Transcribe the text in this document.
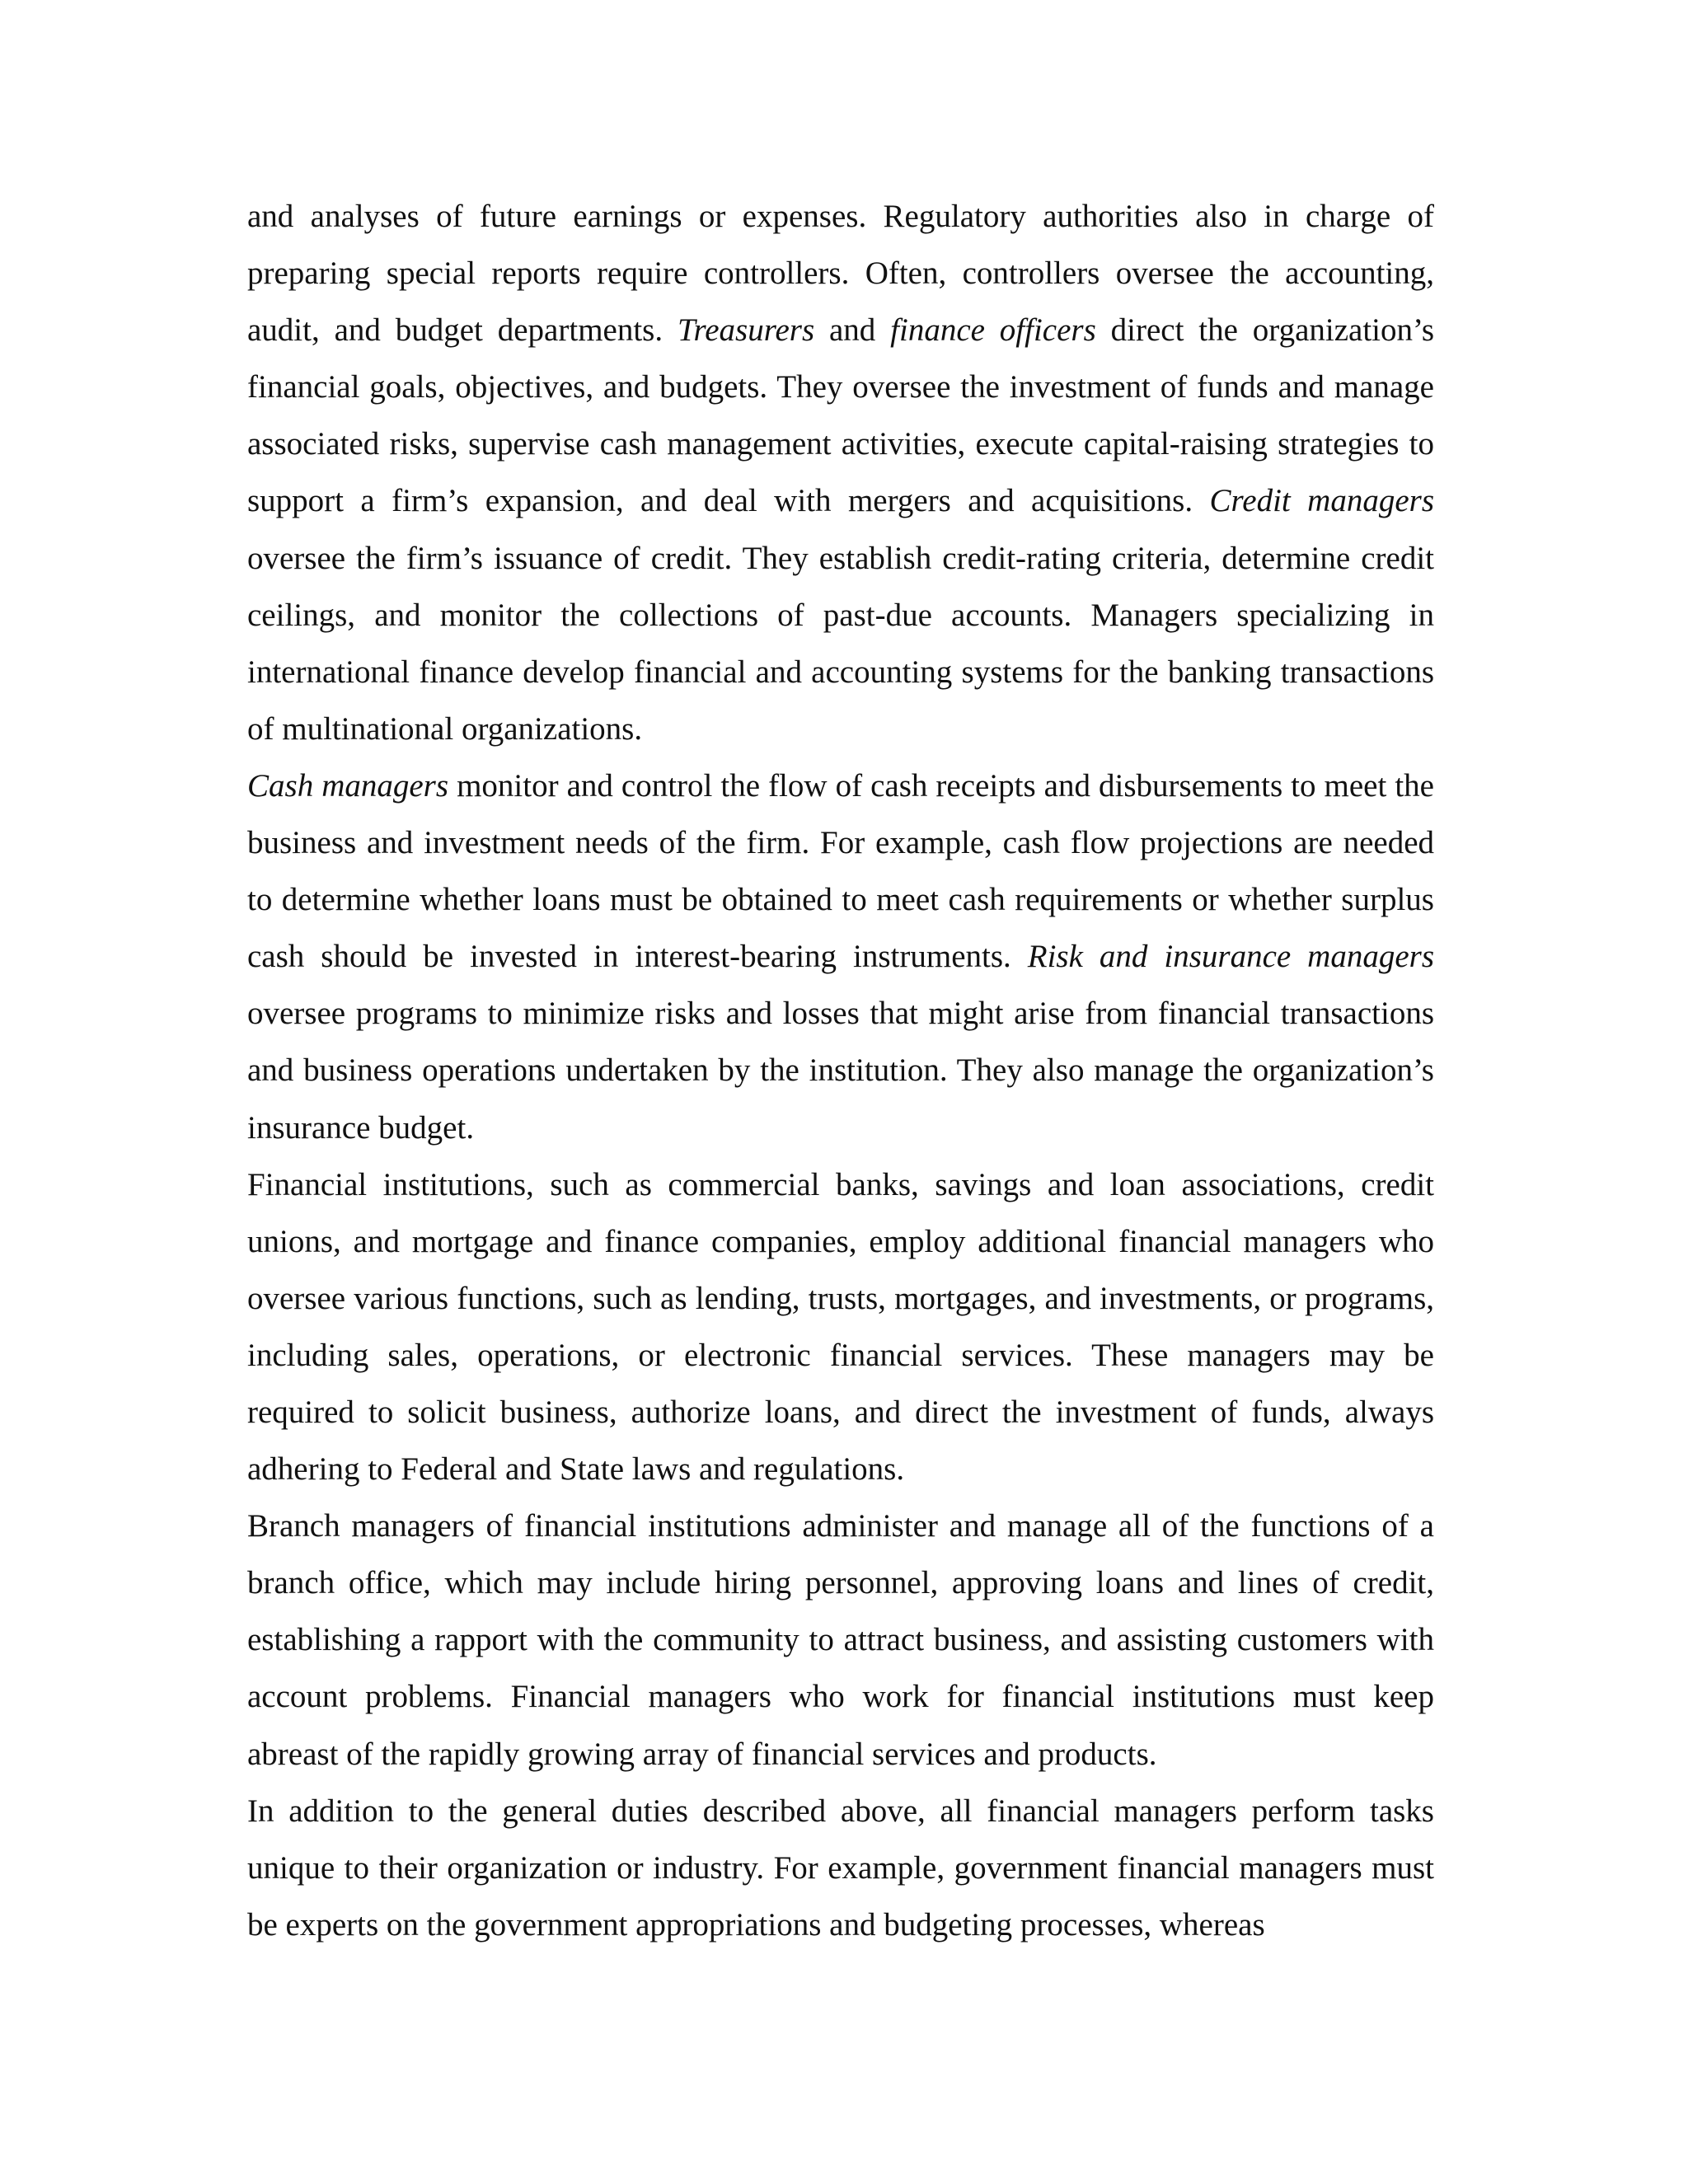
and analyses of future earnings or expenses. Regulatory authorities also in charge of preparing special reports require controllers. Often, controllers oversee the accounting, audit, and budget departments. Treasurers and finance officers direct the organization’s financial goals, objectives, and budgets. They oversee the investment of funds and manage associated risks, supervise cash management activities, execute capital-raising strategies to support a firm’s expansion, and deal with mergers and acquisitions. Credit managers oversee the firm’s issuance of credit. They establish credit-rating criteria, determine credit ceilings, and monitor the collections of past-due accounts. Managers specializing in international finance develop financial and accounting systems for the banking transactions of multinational organizations.

Cash managers monitor and control the flow of cash receipts and disbursements to meet the business and investment needs of the firm. For example, cash flow projections are needed to determine whether loans must be obtained to meet cash requirements or whether surplus cash should be invested in interest-bearing instruments. Risk and insurance managers oversee programs to minimize risks and losses that might arise from financial transactions and business operations undertaken by the institution. They also manage the organization’s insurance budget.

Financial institutions, such as commercial banks, savings and loan associations, credit unions, and mortgage and finance companies, employ additional financial managers who oversee various functions, such as lending, trusts, mortgages, and investments, or programs, including sales, operations, or electronic financial services. These managers may be required to solicit business, authorize loans, and direct the investment of funds, always adhering to Federal and State laws and regulations.

Branch managers of financial institutions administer and manage all of the functions of a branch office, which may include hiring personnel, approving loans and lines of credit, establishing a rapport with the community to attract business, and assisting customers with account problems. Financial managers who work for financial institutions must keep abreast of the rapidly growing array of financial services and products.

In addition to the general duties described above, all financial managers perform tasks unique to their organization or industry. For example, government financial managers must be experts on the government appropriations and budgeting processes, whereas
